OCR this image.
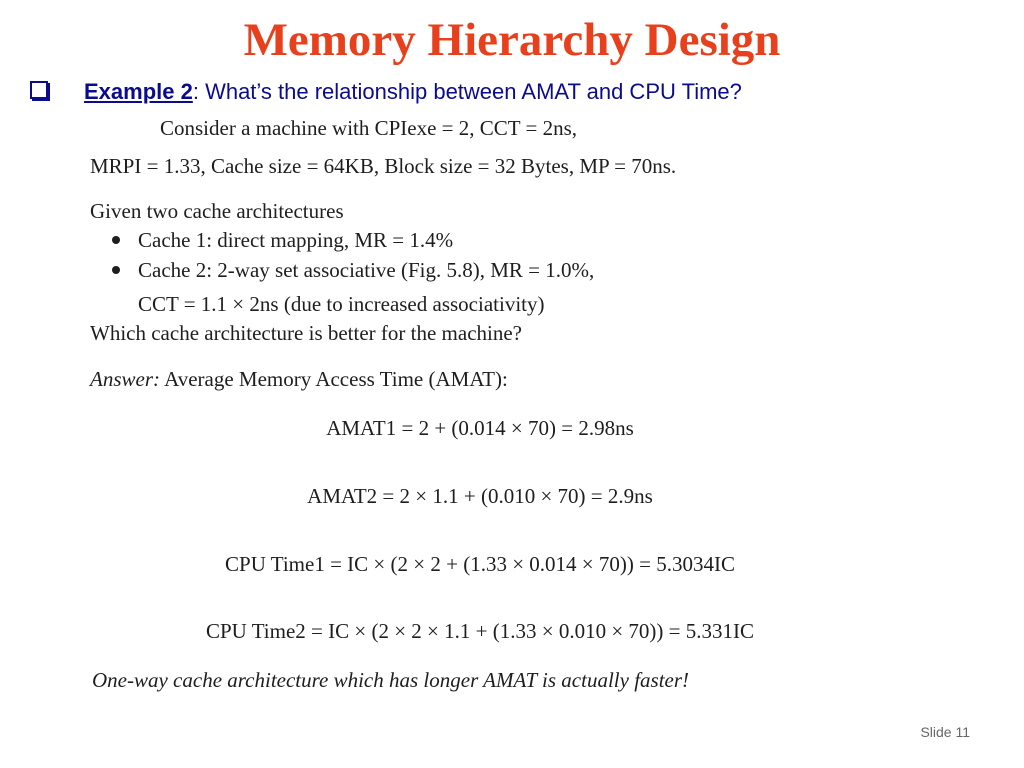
Memory Hierarchy Design
Example 2: What’s the relationship between AMAT and CPU Time?
Consider a machine with CPIexe = 2, CCT = 2ns,
MRPI = 1.33, Cache size = 64KB, Block size = 32 Bytes, MP = 70ns.
Given two cache architectures
Cache 1: direct mapping, MR = 1.4%
Cache 2: 2-way set associative (Fig. 5.8), MR = 1.0%,
CCT = 1.1 × 2ns (due to increased associativity)
Which cache architecture is better for the machine?
Answer: Average Memory Access Time (AMAT):
AMAT1 = 2 + (0.014 × 70) = 2.98ns
AMAT2 = 2 × 1.1 + (0.010 × 70) = 2.9ns
CPU Time1 = IC × (2 × 2 + (1.33 × 0.014 × 70)) = 5.3034IC
CPU Time2 = IC × (2 × 2 × 1.1 + (1.33 × 0.010 × 70)) = 5.331IC
One-way cache architecture which has longer AMAT is actually faster!
Slide 11
